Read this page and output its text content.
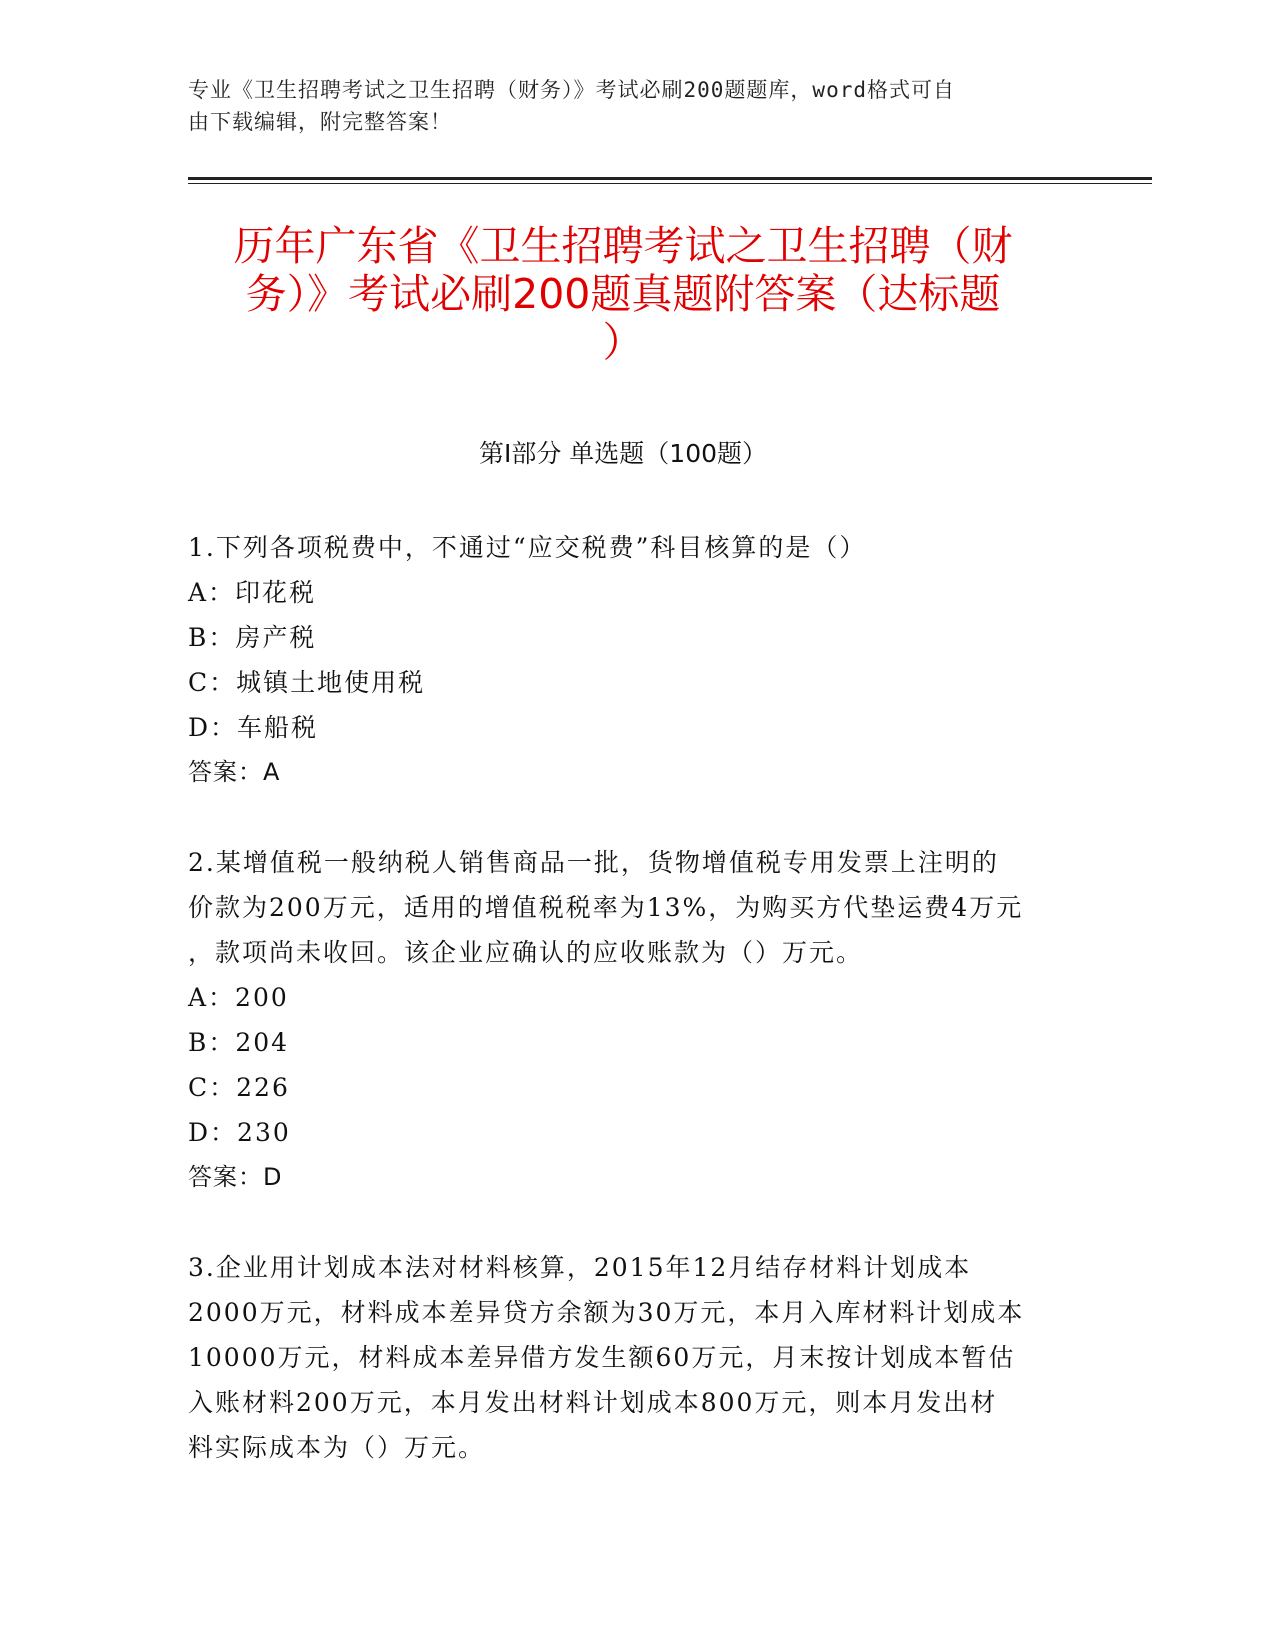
专业《卫生招聘考试之卫生招聘（财务）》考试必刷200题题库，word格式可自
由下载编辑，附完整答案！
历年广东省《卫生招聘考试之卫生招聘（财
务）》考试必刷200题真题附答案（达标题
）
第I部分 单选题（100题）
1.下列各项税费中，不通过“应交税费”科目核算的是（）
A：印花税
B：房产税
C：城镇土地使用税
D：车船税
答案：A
2.某增值税一般纳税人销售商品一批，货物增值税专用发票上注明的
价款为200万元，适用的增值税税率为13%，为购买方代垫运费4万元
，款项尚未收回。该企业应确认的应收账款为（）万元。
A：200
B：204
C：226
D：230
答案：D
3.企业用计划成本法对材料核算，2015年12月结存材料计划成本
2000万元，材料成本差异贷方余额为30万元，本月入库材料计划成本
10000万元，材料成本差异借方发生额60万元，月末按计划成本暂估
入账材料200万元，本月发出材料计划成本800万元，则本月发出材
料实际成本为（）万元。
